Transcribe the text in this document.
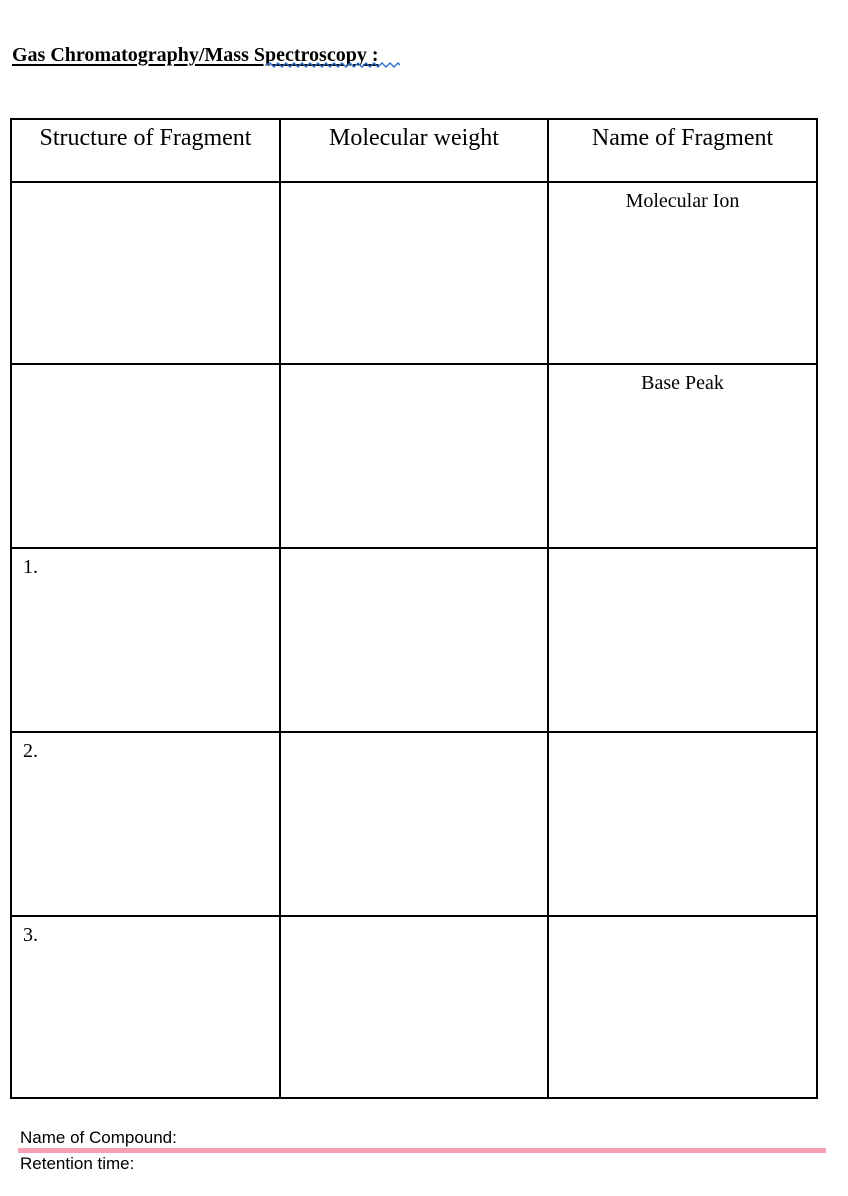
Gas Chromatography/Mass Spectroscopy :
Structure of Fragment	Molecular weight	Name of Fragment
		Molecular Ion
		Base Peak
1.		
2.		
3.		
Name of Compound:
Retention time:
